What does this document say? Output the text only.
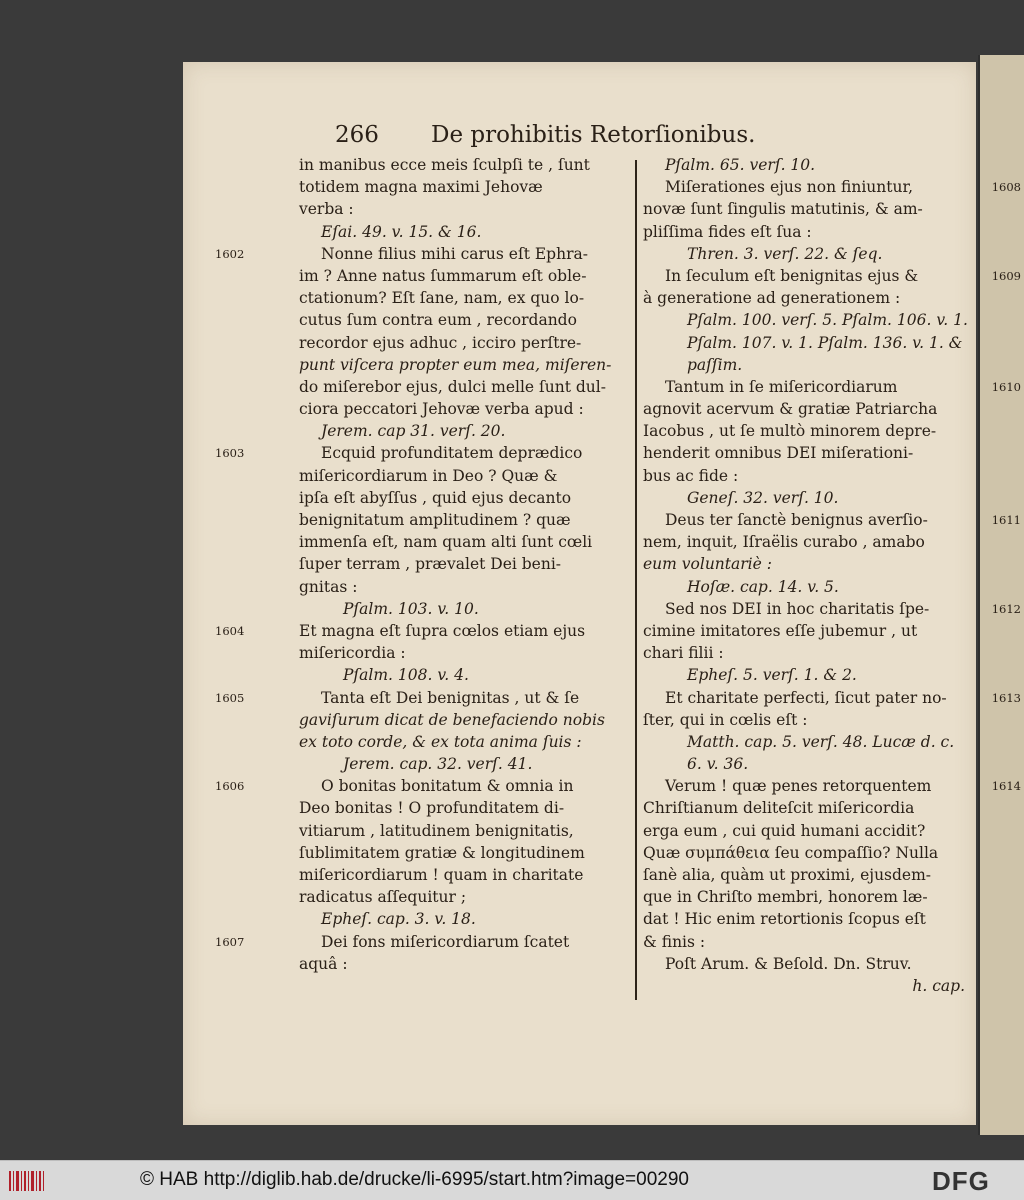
266 De prohibitis Retorſionibus.
in manibus ecce meis ſculpſi te , ſunt
totidem magna maximi Jehovæ
verba :
Eſai. 49. v. 15. & 16.
Nonne filius mihi carus eſt Ephra-
1602
im ? Anne natus ſummarum eſt oble-
ctationum? Eſt ſane, nam, ex quo lo-
cutus ſum contra eum , recordando
recordor ejus adhuc , icciro perſtre-
punt viſcera propter eum mea, miſeren-
do miſerebor ejus, dulci melle ſunt dul-
ciora peccatori Jehovæ verba apud :
Jerem. cap 31. verſ. 20.
Ecquid profunditatem deprædico
1603
miſericordiarum in Deo ? Quæ &
ipſa eſt abyſſus , quid ejus decanto
benignitatum amplitudinem ? quæ
immenſa eſt, nam quam alti ſunt cœli
ſuper terram , prævalet Dei beni-
gnitas :
Pſalm. 103. v. 10.
Et magna eſt ſupra cœlos etiam ejus
1604
miſericordia :
Pſalm. 108. v. 4.
Tanta eſt Dei benignitas , ut & ſe
1605
gaviſurum dicat de benefaciendo nobis
ex toto corde, & ex tota anima ſuis :
Jerem. cap. 32. verſ. 41.
O bonitas bonitatum & omnia in
1606
Deo bonitas ! O profunditatem di-
vitiarum , latitudinem benignitatis,
ſublimitatem gratiæ & longitudinem
miſericordiarum ! quam in charitate
radicatus aſſequitur ;
Epheſ. cap. 3. v. 18.
Dei fons miſericordiarum ſcatet
1607
aquâ :
Pſalm. 65. verſ. 10.
Miſerationes ejus non finiuntur,	1608
novæ ſunt ſingulis matutinis, & am-
pliſſima fides eſt ſua :
Thren. 3. verſ. 22. & ſeq.
In ſeculum eſt benignitas ejus &	1609
à generatione ad generationem :
Pſalm. 100. verſ. 5. Pſalm. 106. v. 1.
Pſalm. 107. v. 1. Pſalm. 136. v. 1. &
paſſim.
Tantum in ſe miſericordiarum	1610
agnovit acervum & gratiæ Patriarcha
Iacobus , ut ſe multò minorem depre-
henderit omnibus DEI miſerationi-
bus ac fide :
Geneſ. 32. verſ. 10.
Deus ter ſanctè benignus averſio-	1611
nem, inquit, Iſraëlis curabo , amabo
eum voluntariè :
Hoſæ. cap. 14. v. 5.
Sed nos DEI in hoc charitatis ſpe-	1612
cimine imitatores eſſe jubemur , ut
chari filii :
Epheſ. 5. verſ. 1. & 2.
Et charitate perfecti, ſicut pater no-	1613
ſter, qui in cœlis eſt :
Matth. cap. 5. verſ. 48. Lucæ d. c.
6. v. 36.
Verum ! quæ penes retorquentem	1614
Chriſtianum deliteſcit miſericordia
erga eum , cui quid humani accidit?
Quæ συμπάθεια ſeu compaſſio? Nulla
ſanè alia, quàm ut proximi, ejusdem-
que in Chriſto membri, honorem læ-
dat ! Hic enim retortionis ſcopus eſt
& finis :
Poſt Arum. & Beſold. Dn. Struv.
h. cap.
© HAB http://diglib.hab.de/drucke/li-6995/start.htm?image=00290	DFG
